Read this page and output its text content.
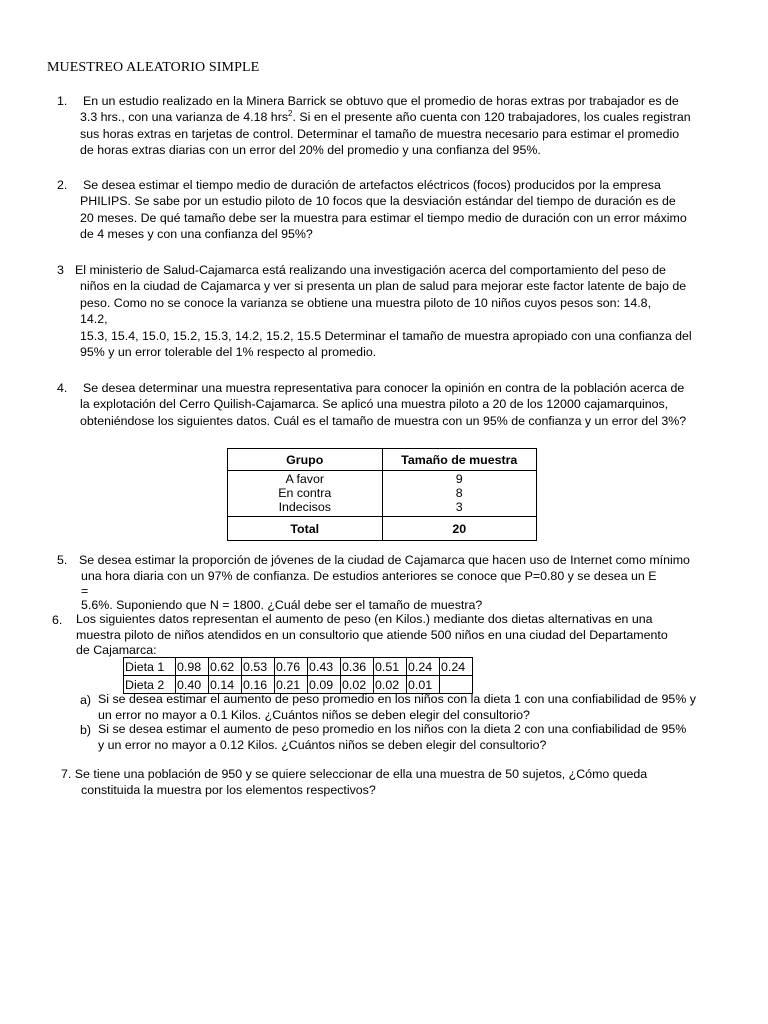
MUESTREO ALEATORIO SIMPLE
1. En un estudio realizado en la Minera Barrick se obtuvo que el promedio de horas extras por trabajador es de

3.3 hrs., con una varianza de 4.18 hrs$^2$. Si en el presente año cuenta con 120 trabajadores, los cuales registran

sus horas extras en tarjetas de control. Determinar el tamaño de muestra necesario para estimar el promedio

de horas extras diarias con un error del 20% del promedio y una confianza del 95%.

2. Se desea estimar el tiempo medio de duración de artefactos eléctricos (focos) producidos por la empresa

PHILIPS. Se sabe por un estudio piloto de 10 focos que la desviación estándar del tiempo de duración es de

20 meses. De qué tamaño debe ser la muestra para estimar el tiempo medio de duración con un error máximo

de 4 meses y con una confianza del 95%?

3 El ministerio de Salud-Cajamarca está realizando una investigación acerca del comportamiento del peso de

niños en la ciudad de Cajamarca y ver si presenta un plan de salud para mejorar este factor latente de bajo de

peso. Como no se conoce la varianza se obtiene una muestra piloto de 10 niños cuyos pesos son: 14.8,

14.2,

15.3, 15.4, 15.0, 15.2, 15.3, 14.2, 15.2, 15.5 Determinar el tamaño de muestra apropiado con una confianza del

95% y un error tolerable del 1% respecto al promedio.

4. Se desea determinar una muestra representativa para conocer la opinión en contra de la población acerca de

la explotación del Cerro Quilish-Cajamarca. Se aplicó una muestra piloto a 20 de los 12000 cajamarquinos,

obteniéndose los siguientes datos. Cuál es el tamaño de muestra con un 95% de confianza y un error del 3%?

Grupo	Tamaño de muestra
A favor	9
En contra	8
Indecisos	3
Total	20
5. Se desea estimar la proporción de jóvenes de la ciudad de Cajamarca que hacen uso de Internet como mínimo

una hora diaria con un 97% de confianza. De estudios anteriores se conoce que P=0.80 y se desea un E

=

5.6%. Suponiendo que N = 1800. ¿Cuál debe ser el tamaño de muestra?

6. Los siguientes datos representan el aumento de peso (en Kilos.) mediante dos dietas alternativas en una

muestra piloto de niños atendidos en un consultorio que atiende 500 niños en una ciudad del Departamento

de Cajamarca:

Dieta 1	0.98	0.62	0.53	0.76	0.43	0.36	0.51	0.24	0.24
Dieta 2	0.40	0.14	0.16	0.21	0.09	0.02	0.02	0.01	
a) Si se desea estimar el aumento de peso promedio en los niños con la dieta 1 con una confiabilidad de 95% y

un error no mayor a 0.1 Kilos. ¿Cuántos niños se deben elegir del consultorio?

b) Si se desea estimar el aumento de peso promedio en los niños con la dieta 2 con una confiabilidad de 95%

y un error no mayor a 0.12 Kilos. ¿Cuántos niños se deben elegir del consultorio?

7. Se tiene una población de 950 y se quiere seleccionar de ella una muestra de 50 sujetos, ¿Cómo queda

constituida la muestra por los elementos respectivos?
